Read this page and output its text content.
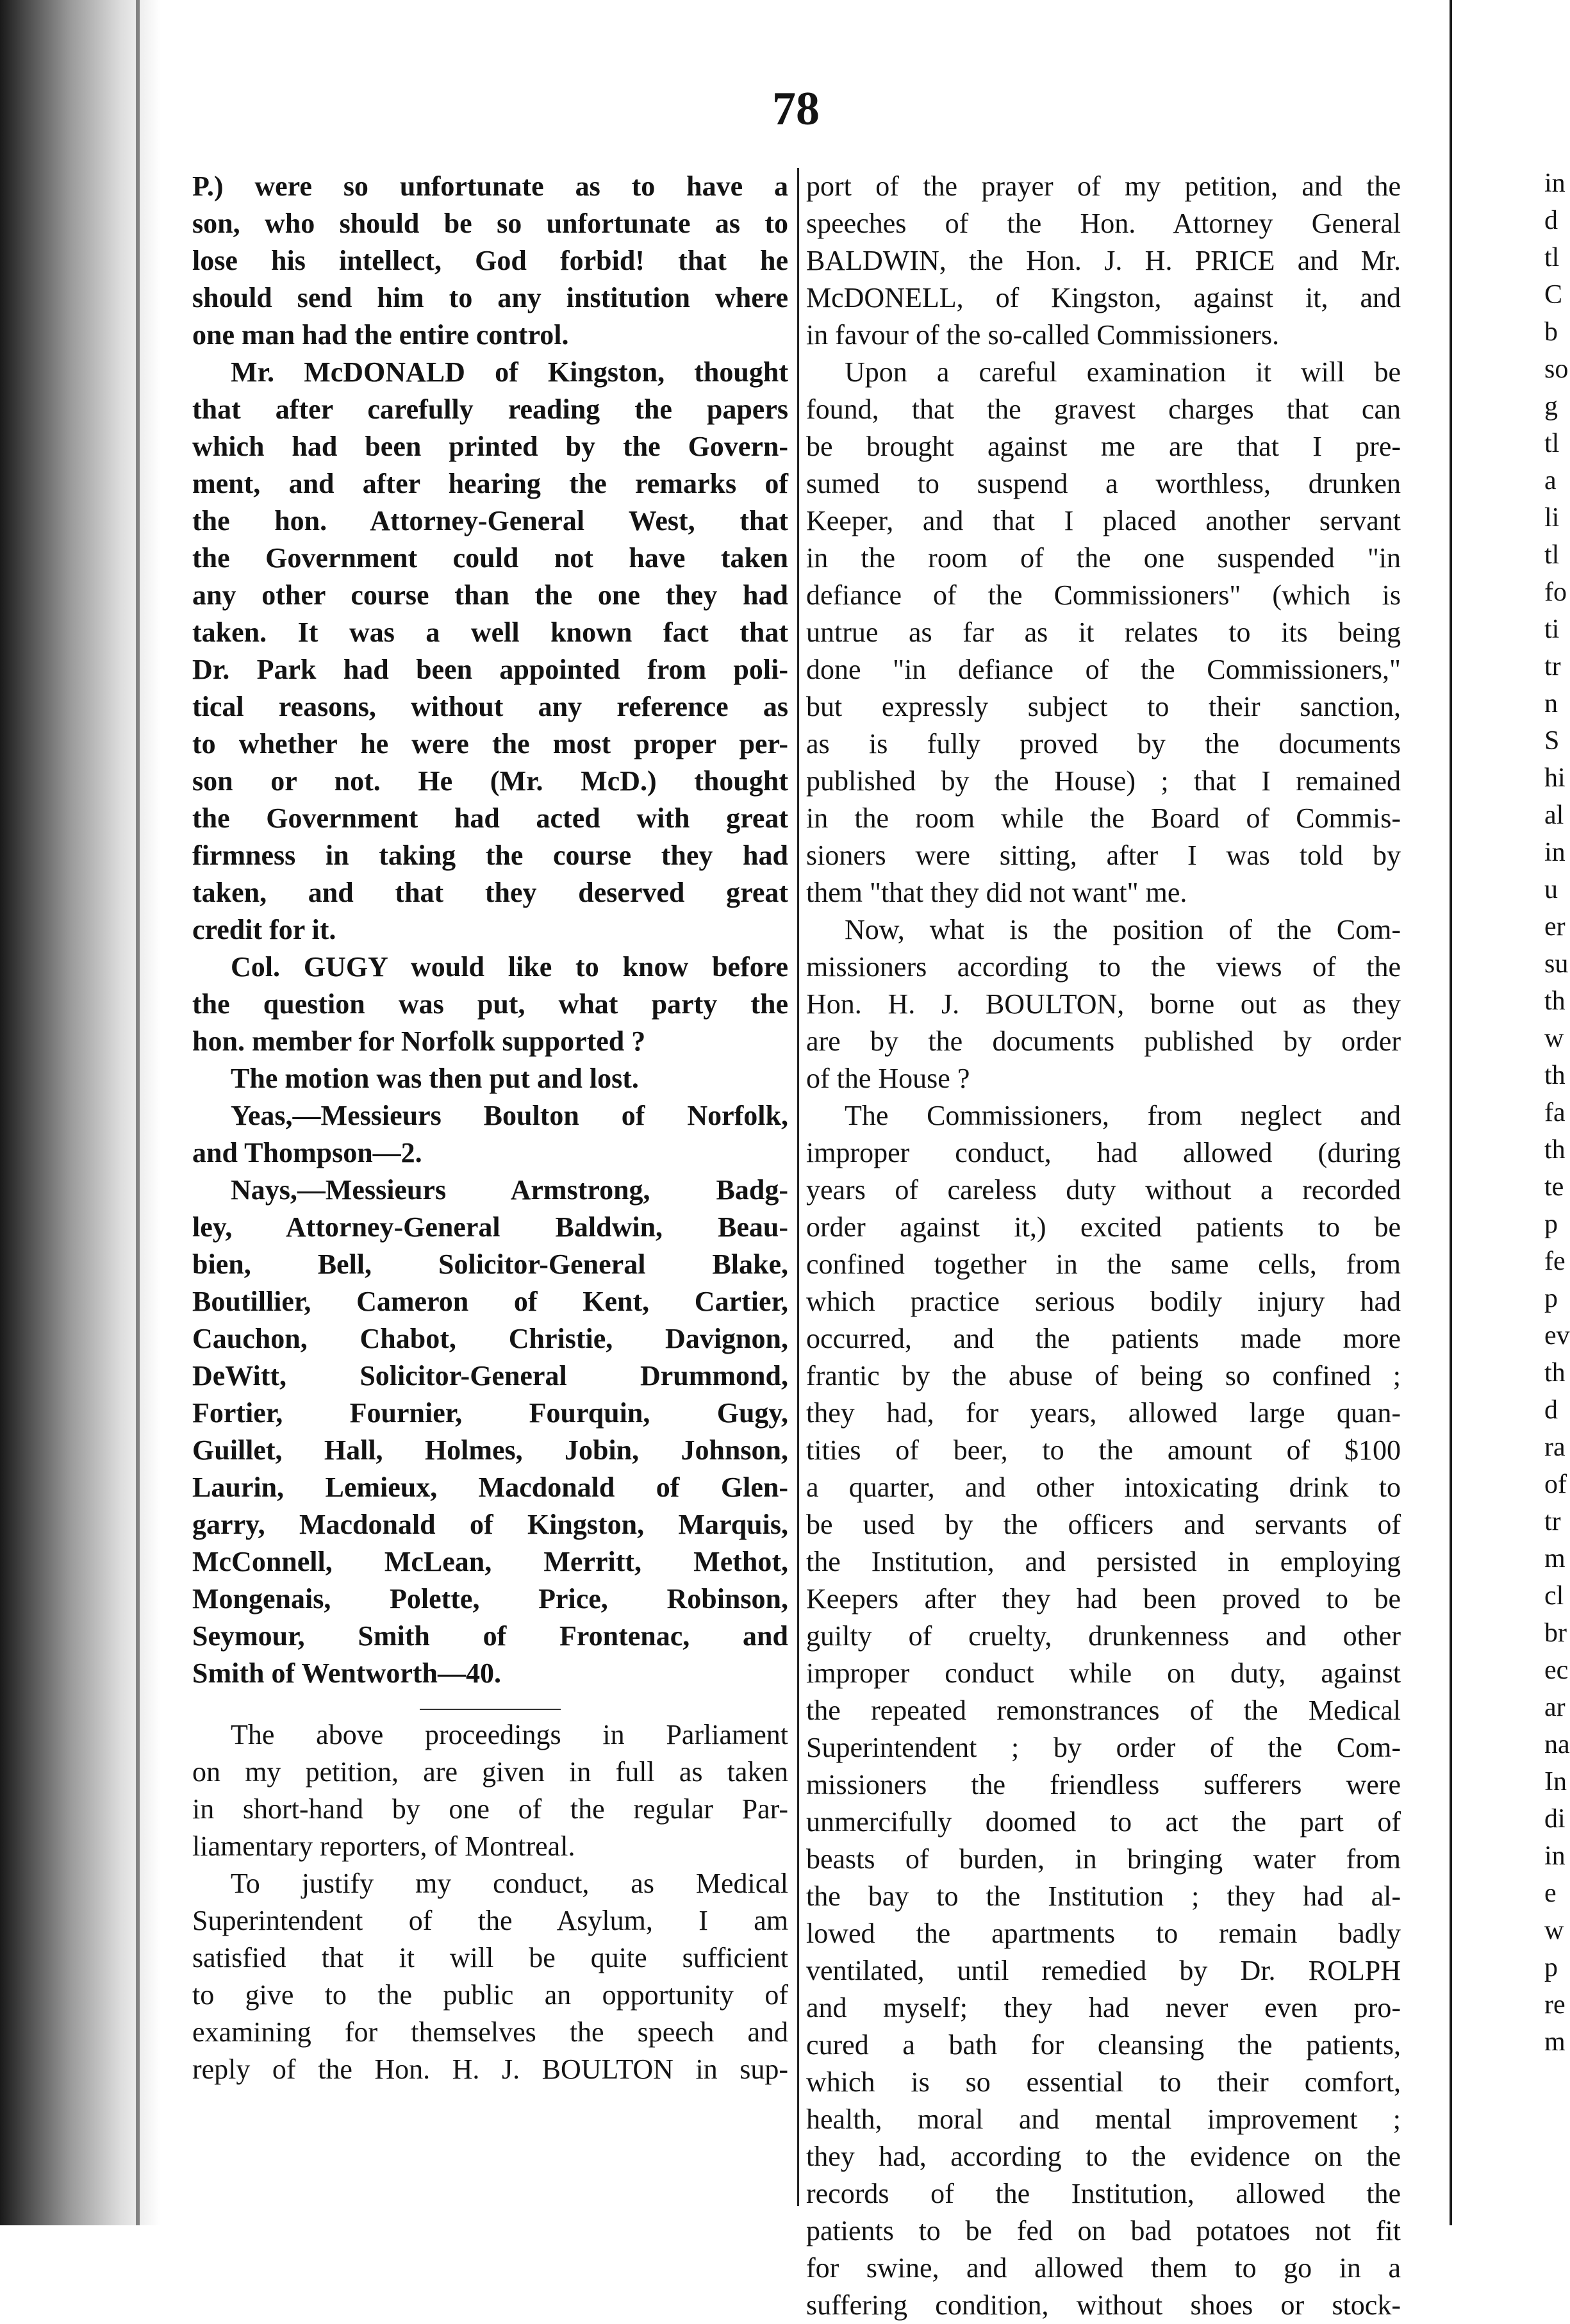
78
P.) were so unfortunate as to have a
son, who should be so unfortunate as to
lose his intellect, God forbid! that he
should send him to any institution where
one man had the entire control.
Mr. McDONALD of Kingston, thought
that after carefully reading the papers
which had been printed by the Govern-
ment, and after hearing the remarks of
the hon. Attorney-General West, that
the Government could not have taken
any other course than the one they had
taken. It was a well known fact that
Dr. Park had been appointed from poli-
tical reasons, without any reference as
to whether he were the most proper per-
son or not. He (Mr. McD.) thought
the Government had acted with great
firmness in taking the course they had
taken, and that they deserved great
credit for it.
Col. GUGY would like to know before
the question was put, what party the
hon. member for Norfolk supported ?
The motion was then put and lost.
Yeas,—Messieurs Boulton of Norfolk,
and Thompson—2.
Nays,—Messieurs Armstrong, Badg-
ley, Attorney-General Baldwin, Beau-
bien, Bell, Solicitor-General Blake,
Boutillier, Cameron of Kent, Cartier,
Cauchon, Chabot, Christie, Davignon,
DeWitt, Solicitor-General Drummond,
Fortier, Fournier, Fourquin, Gugy,
Guillet, Hall, Holmes, Jobin, Johnson,
Laurin, Lemieux, Macdonald of Glen-
garry, Macdonald of Kingston, Marquis,
McConnell, McLean, Merritt, Methot,
Mongenais, Polette, Price, Robinson,
Seymour, Smith of Frontenac, and
Smith of Wentworth—40.
The above proceedings in Parliament
on my petition, are given in full as taken
in short-hand by one of the regular Par-
liamentary reporters, of Montreal.
To justify my conduct, as Medical
Superintendent of the Asylum, I am
satisfied that it will be quite sufficient
to give to the public an opportunity of
examining for themselves the speech and
reply of the Hon. H. J. BOULTON in sup-
port of the prayer of my petition, and the
speeches of the Hon. Attorney General
BALDWIN, the Hon. J. H. PRICE and Mr.
McDONELL, of Kingston, against it, and
in favour of the so-called Commissioners.
Upon a careful examination it will be
found, that the gravest charges that can
be brought against me are that I pre-
sumed to suspend a worthless, drunken
Keeper, and that I placed another servant
in the room of the one suspended "in
defiance of the Commissioners" (which is
untrue as far as it relates to its being
done "in defiance of the Commissioners,"
but expressly subject to their sanction,
as is fully proved by the documents
published by the House) ; that I remained
in the room while the Board of Commis-
sioners were sitting, after I was told by
them "that they did not want" me.
Now, what is the position of the Com-
missioners according to the views of the
Hon. H. J. BOULTON, borne out as they
are by the documents published by order
of the House ?
The Commissioners, from neglect and
improper conduct, had allowed (during
years of careless duty without a recorded
order against it,) excited patients to be
confined together in the same cells, from
which practice serious bodily injury had
occurred, and the patients made more
frantic by the abuse of being so confined ;
they had, for years, allowed large quan-
tities of beer, to the amount of $100
a quarter, and other intoxicating drink to
be used by the officers and servants of
the Institution, and persisted in employing
Keepers after they had been proved to be
guilty of cruelty, drunkenness and other
improper conduct while on duty, against
the repeated remonstrances of the Medical
Superintendent ; by order of the Com-
missioners the friendless sufferers were
unmercifully doomed to act the part of
beasts of burden, in bringing water from
the bay to the Institution ; they had al-
lowed the apartments to remain badly
ventilated, until remedied by Dr. ROLPH
and myself; they had never even pro-
cured a bath for cleansing the patients,
which is so essential to their comfort,
health, moral and mental improvement ;
they had, according to the evidence on the
records of the Institution, allowed the
patients to be fed on bad potatoes not fit
for swine, and allowed them to go in a
suffering condition, without shoes or stock-
in
d
tl
C
b
so
g
tl
a
li
tl
fo
ti
tr
n
S
hi
al
in
u
er
su
th
w
th
fa
th
te
p
fe
p
ev
th
d
ra
of
tr
m
cl
br
ec
ar
na
In
di
in
e
w
p
re
m
